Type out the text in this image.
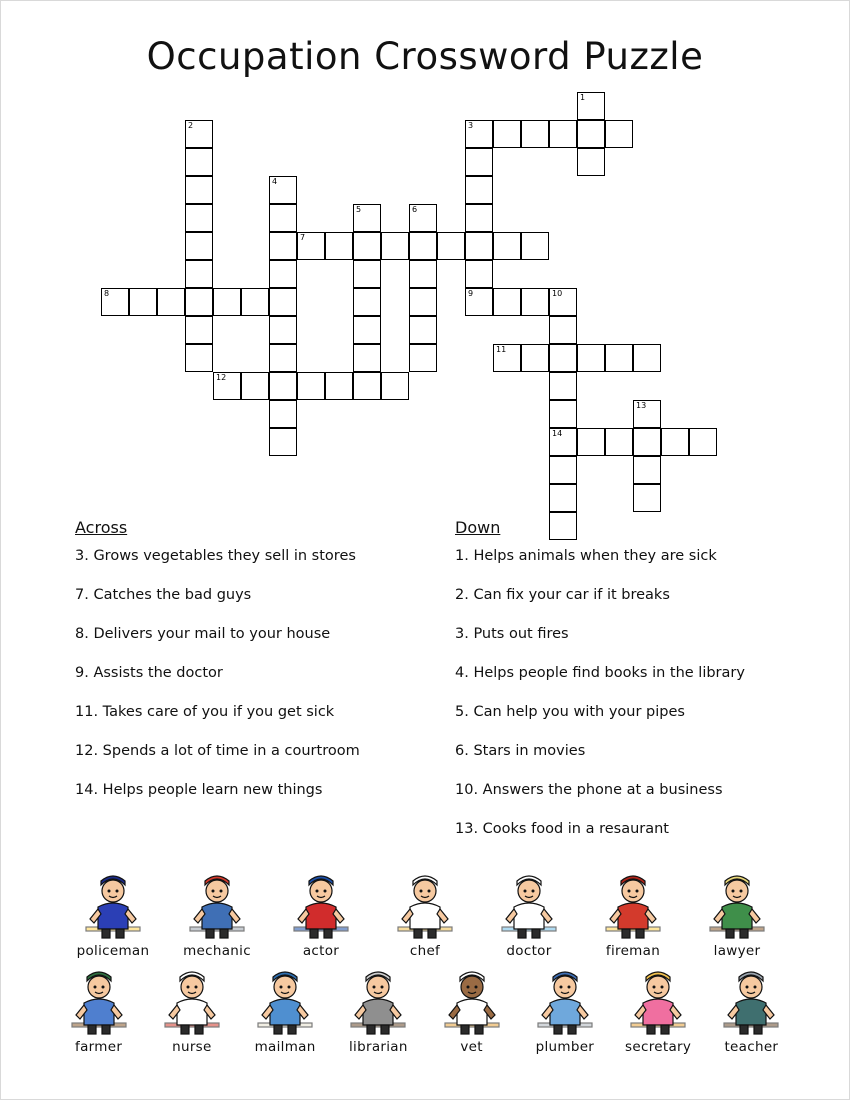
Occupation Crossword Puzzle
1
2	3
4
5	6
7
8	9	10
11
12
13
14
Across
3. Grows vegetables they sell in stores
7. Catches the bad guys
8. Delivers your mail to your house
9. Assists the doctor
11. Takes care of you if you get sick
12. Spends a lot of time in a courtroom
14. Helps people learn new things
Down
1. Helps animals when they are sick
2. Can fix your car if it breaks
3. Puts out fires
4. Helps people find books in the library
5. Can help you with your pipes
6. Stars in movies
10. Answers the phone at a business
13. Cooks food in a resaurant
policeman	mechanic	actor	chef	doctor	fireman	lawyer
farmer	nurse	mailman	librarian	vet	plumber	secretary	teacher
